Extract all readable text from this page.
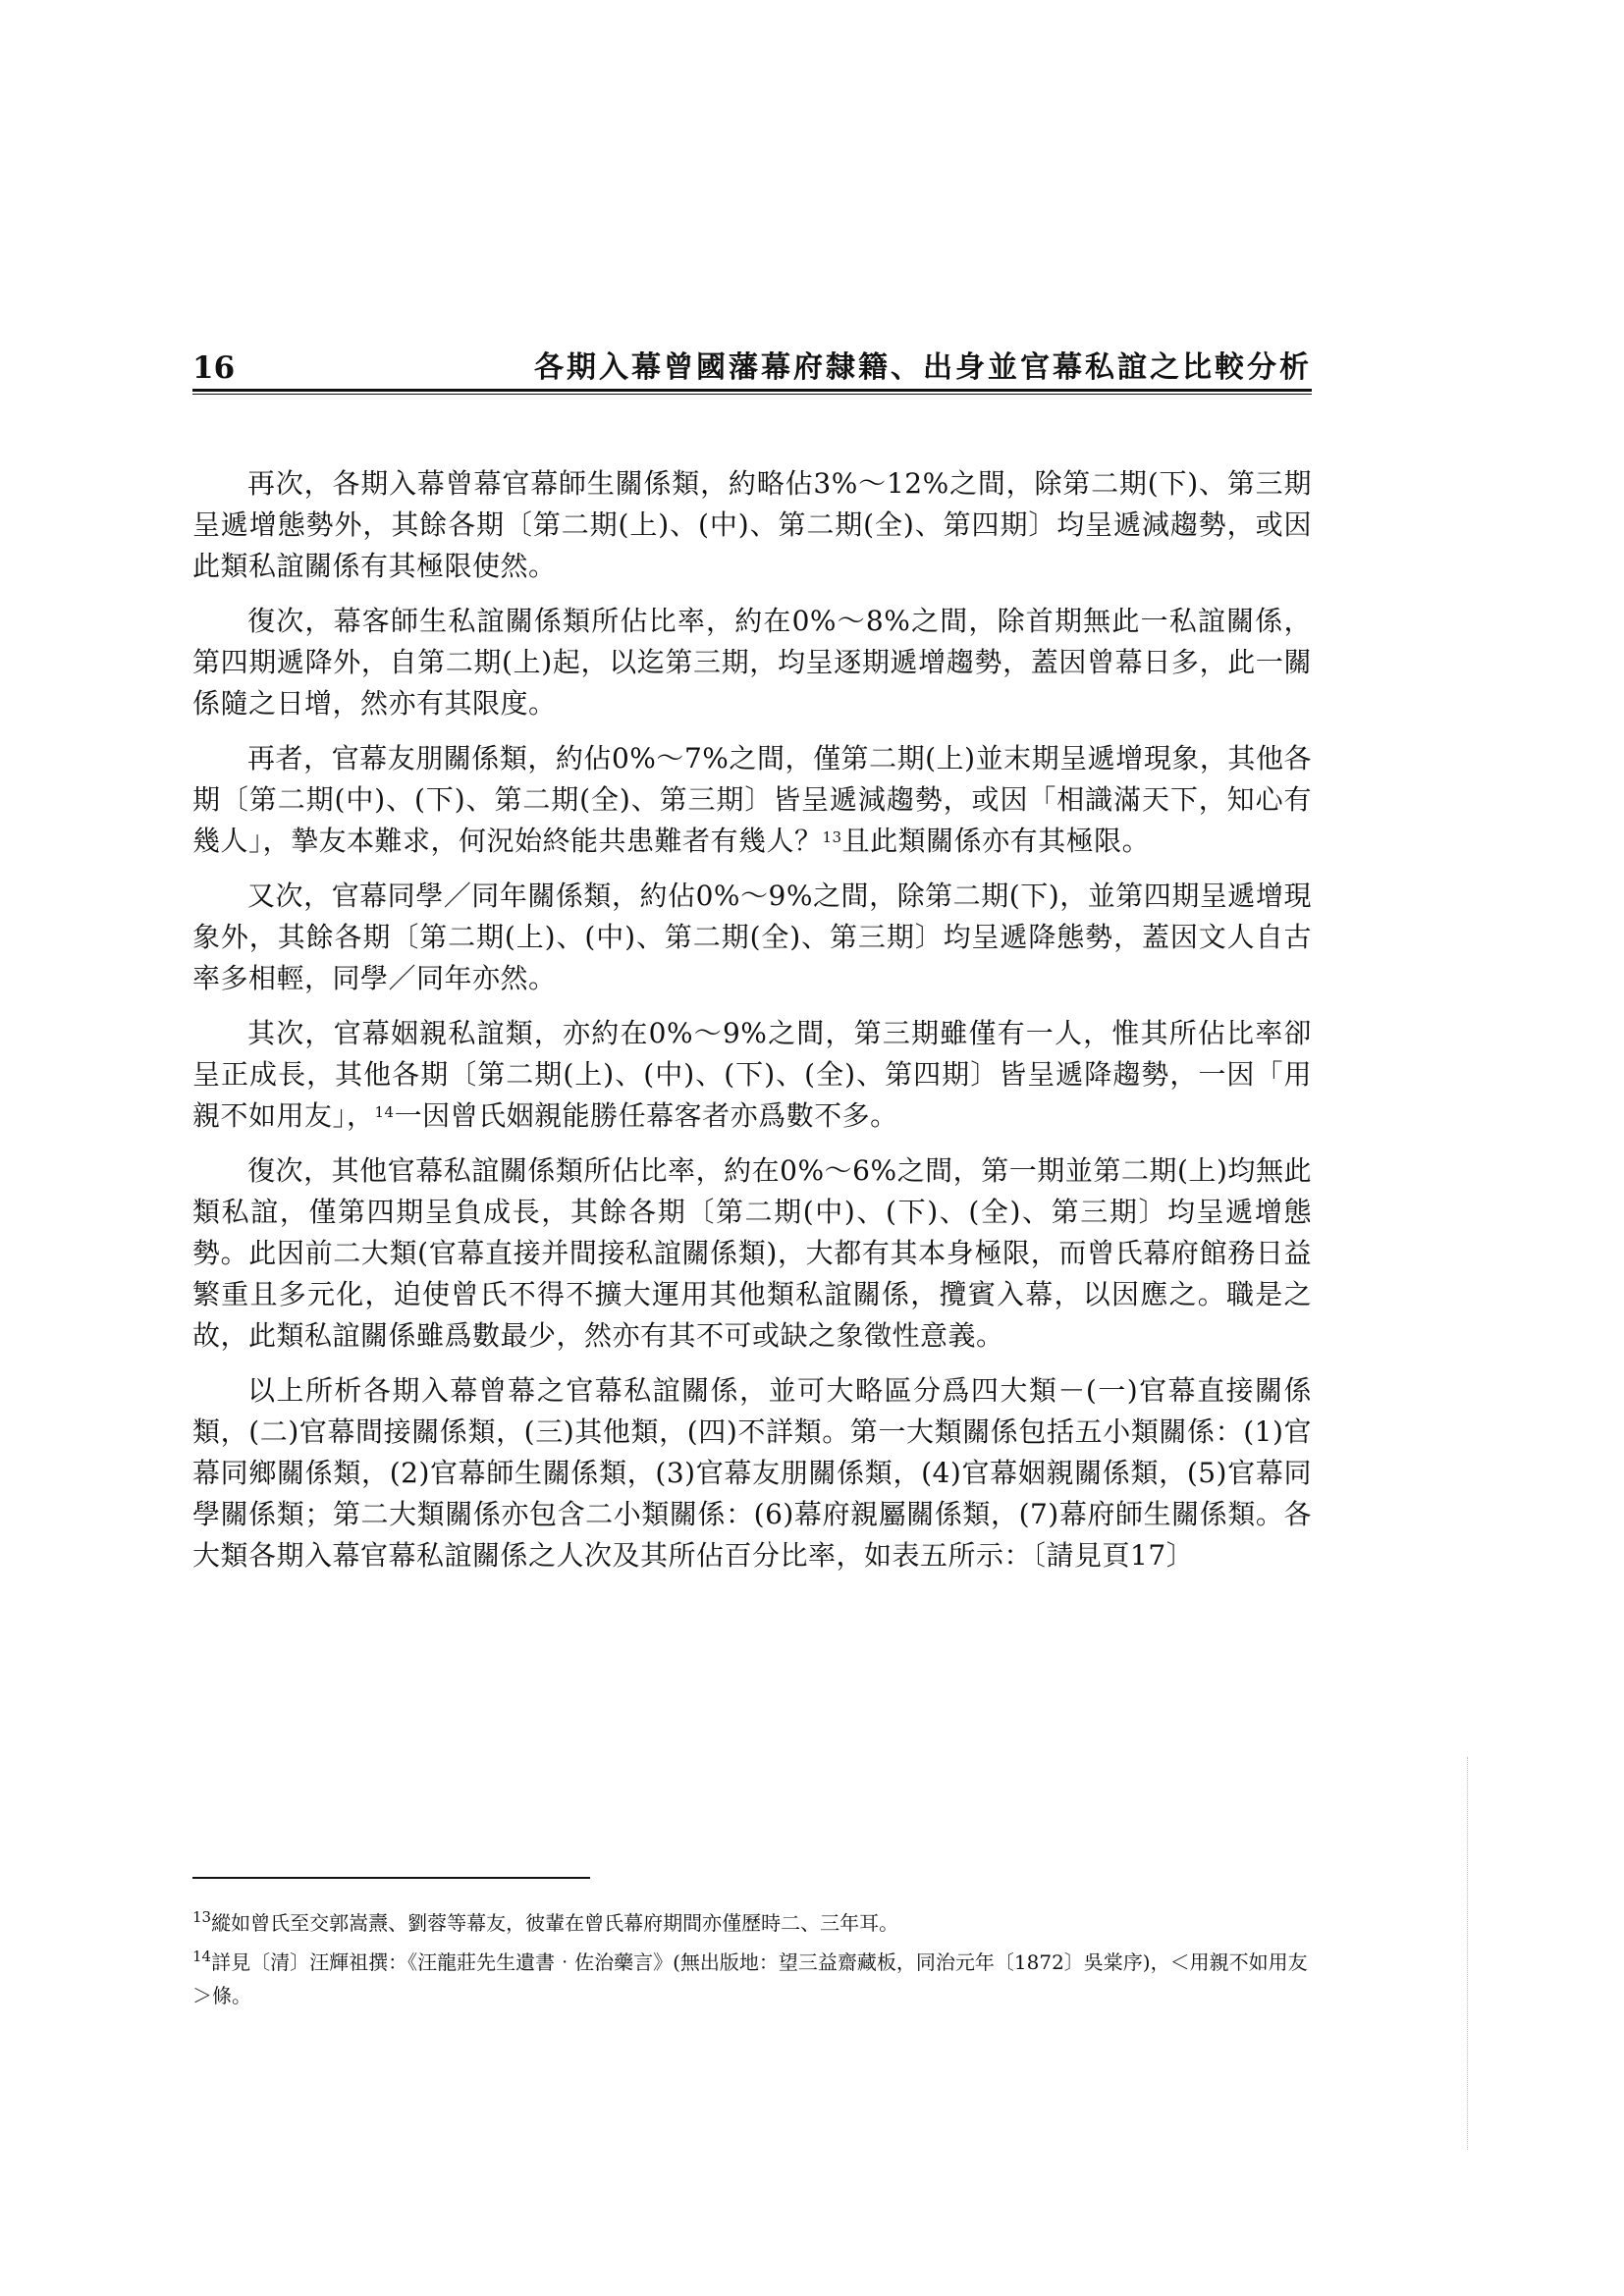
16	各期入幕曾國藩幕府隸籍、出身並官幕私誼之比較分析

再次，各期入幕曾幕官幕師生關係類，約略佔3%～12%之間，除第二期(下)、第三期呈遞增態勢外，其餘各期〔第二期(上)、(中)、第二期(全)、第四期〕均呈遞減趨勢，或因此類私誼關係有其極限使然。

復次，幕客師生私誼關係類所佔比率，約在0%～8%之間，除首期無此一私誼關係，第四期遞降外，自第二期(上)起，以迄第三期，均呈逐期遞增趨勢，蓋因曾幕日多，此一關係隨之日增，然亦有其限度。

再者，官幕友朋關係類，約佔0%～7%之間，僅第二期(上)並末期呈遞增現象，其他各期〔第二期(中)、(下)、第二期(全)、第三期〕皆呈遞減趨勢，或因「相識滿天下，知心有幾人」，摯友本難求，何況始終能共患難者有幾人？$^{13}$且此類關係亦有其極限。

又次，官幕同學／同年關係類，約佔0%～9%之間，除第二期(下)，並第四期呈遞增現象外，其餘各期〔第二期(上)、(中)、第二期(全)、第三期〕均呈遞降態勢，蓋因文人自古率多相輕，同學／同年亦然。

其次，官幕姻親私誼類，亦約在0%～9%之間，第三期雖僅有一人，惟其所佔比率卻呈正成長，其他各期〔第二期(上)、(中)、(下)、(全)、第四期〕皆呈遞降趨勢，一因「用親不如用友」，$^{14}$一因曾氏姻親能勝任幕客者亦爲數不多。

復次，其他官幕私誼關係類所佔比率，約在0%～6%之間，第一期並第二期(上)均無此類私誼，僅第四期呈負成長，其餘各期〔第二期(中)、(下)、(全)、第三期〕均呈遞增態勢。此因前二大類(官幕直接并間接私誼關係類)，大都有其本身極限，而曾氏幕府館務日益繁重且多元化，迫使曾氏不得不擴大運用其他類私誼關係，攬賓入幕，以因應之。職是之故，此類私誼關係雖爲數最少，然亦有其不可或缺之象徵性意義。

以上所析各期入幕曾幕之官幕私誼關係，並可大略區分爲四大類－(一)官幕直接關係類，(二)官幕間接關係類，(三)其他類，(四)不詳類。第一大類關係包括五小類關係：(1)官幕同鄉關係類，(2)官幕師生關係類，(3)官幕友朋關係類，(4)官幕姻親關係類，(5)官幕同學關係類；第二大類關係亦包含二小類關係：(6)幕府親屬關係類，(7)幕府師生關係類。各大類各期入幕官幕私誼關係之人次及其所佔百分比率，如表五所示：〔請見頁17〕

$^{13}$縱如曾氏至交郭嵩燾、劉蓉等幕友，彼輩在曾氏幕府期間亦僅歷時二、三年耳。

$^{14}$詳見〔清〕汪輝祖撰：《汪龍莊先生遺書‧佐治藥言》(無出版地：望三益齋藏板，同治元年〔1872〕吳棠序)，＜用親不如用友＞條。
